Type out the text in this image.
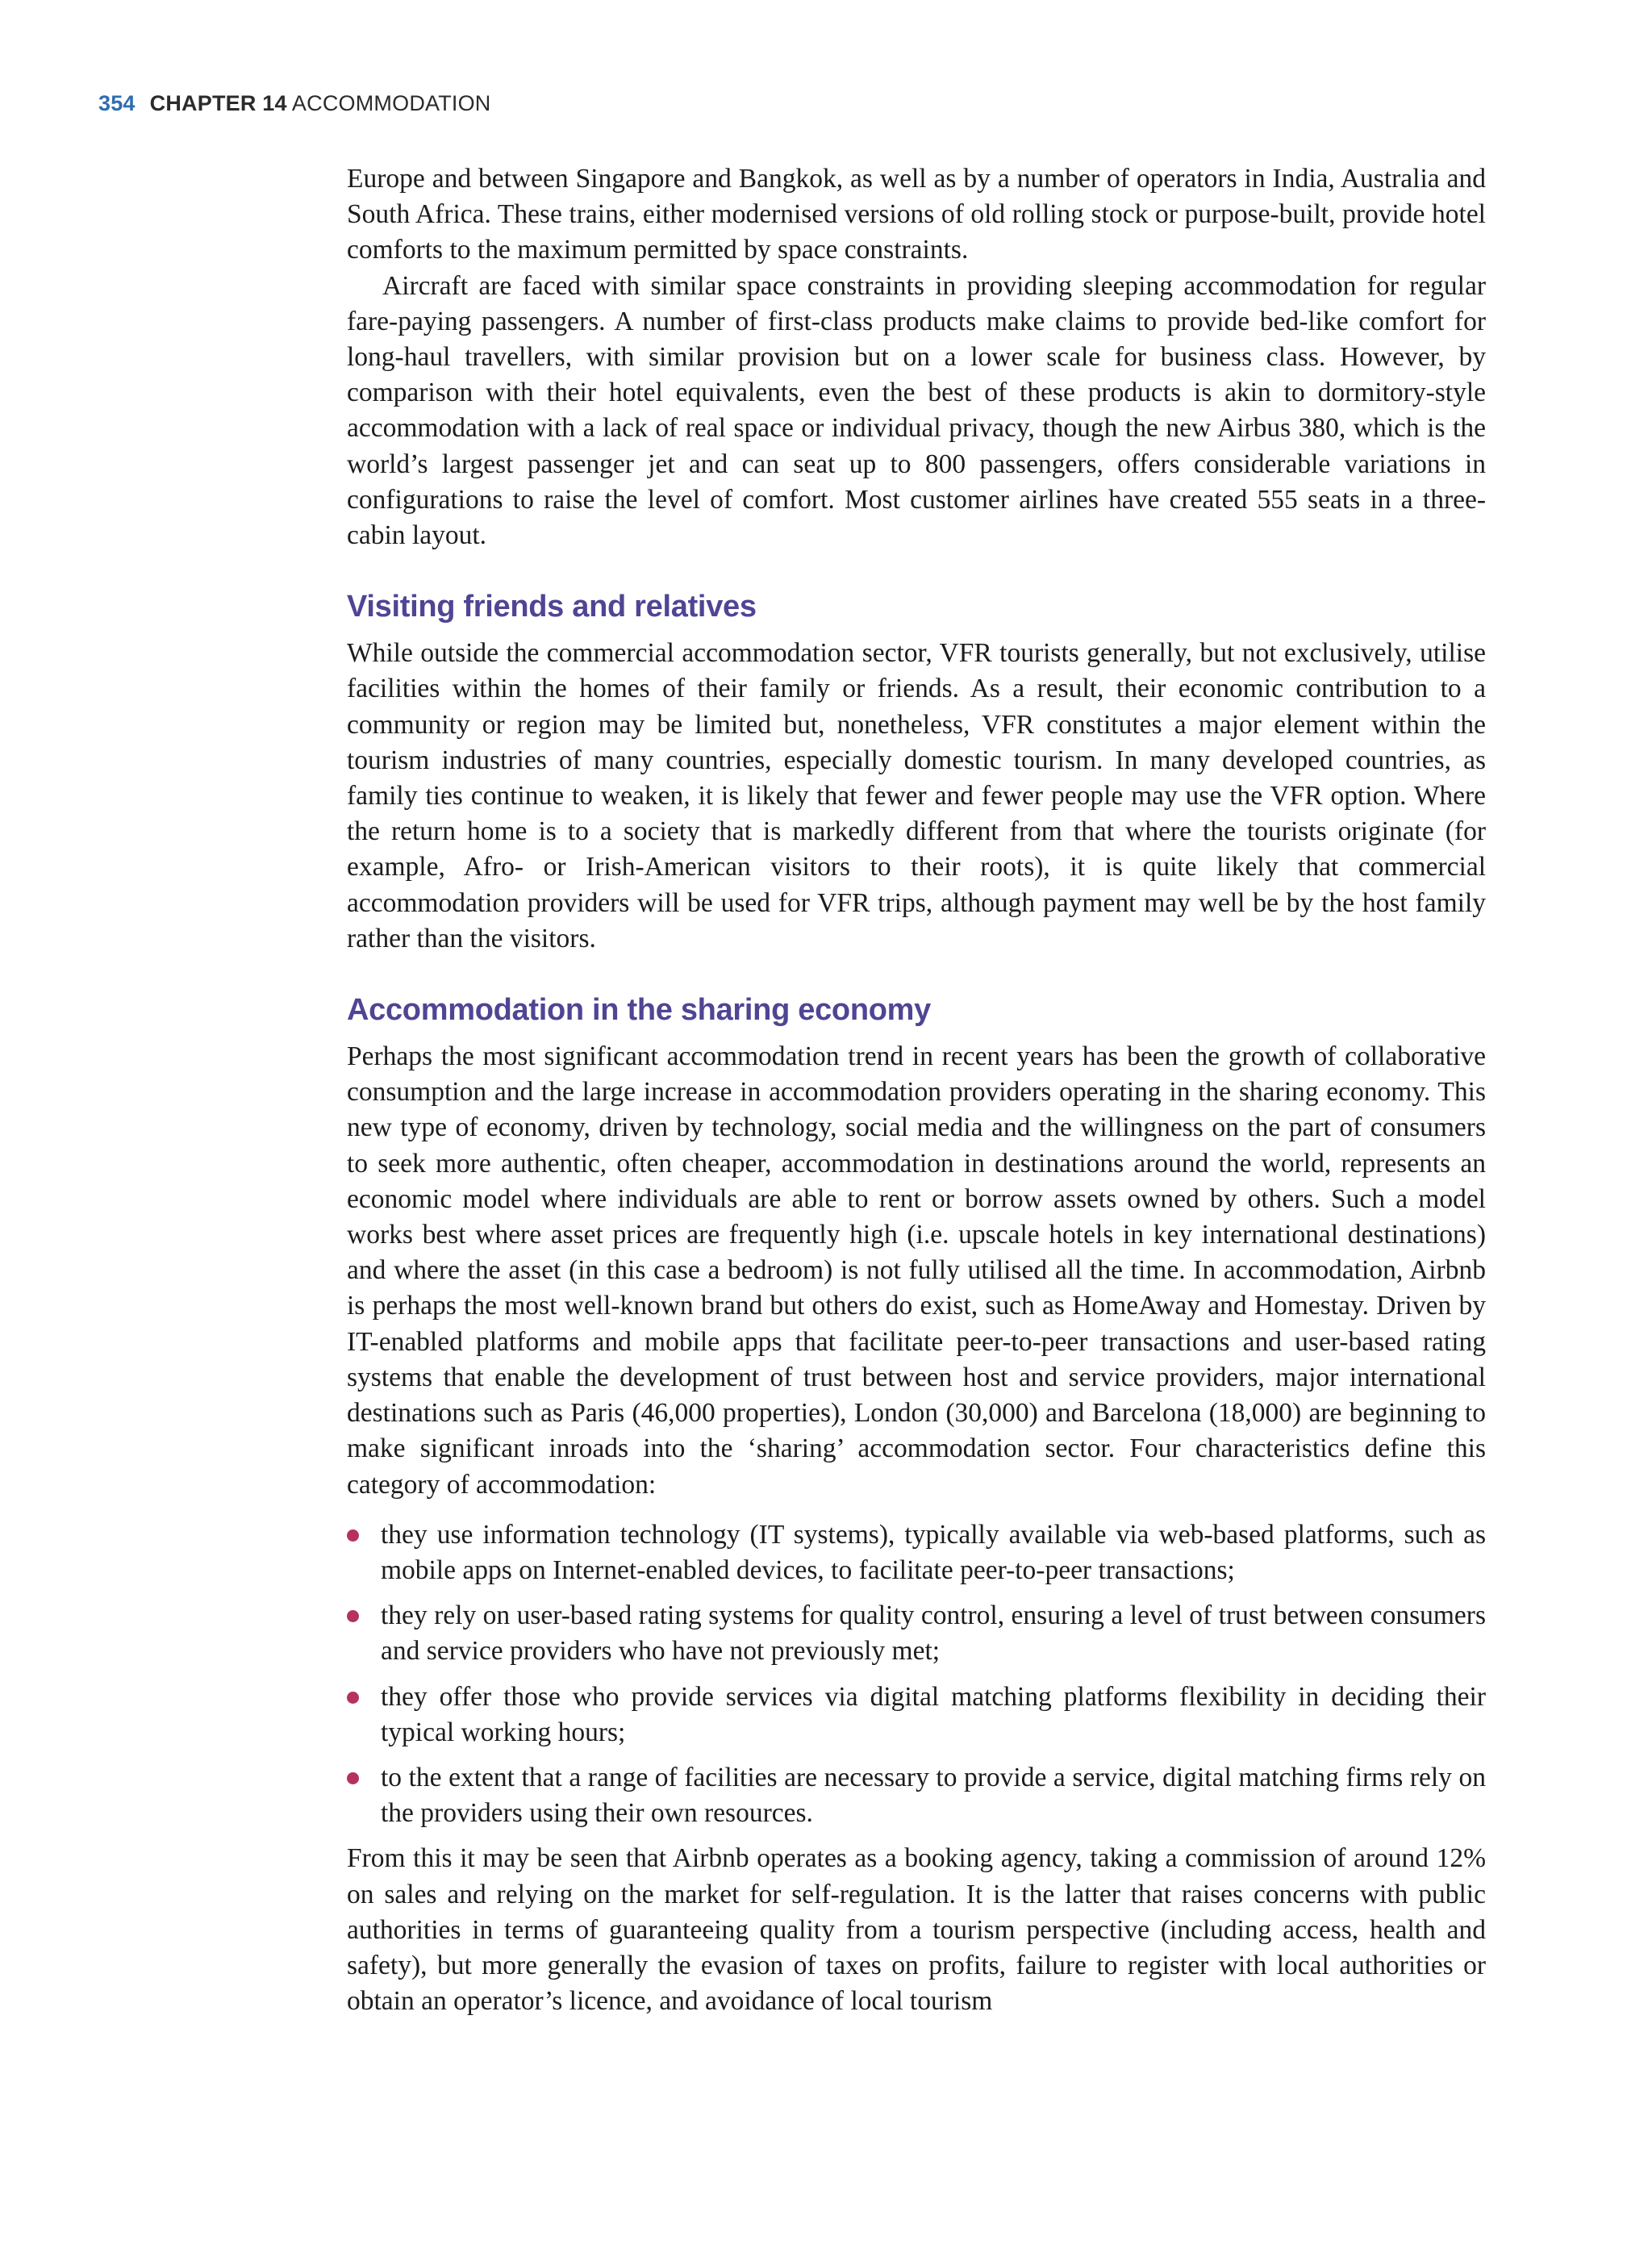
354 CHAPTER 14 ACCOMMODATION

Europe and between Singapore and Bangkok, as well as by a number of operators in India, Australia and South Africa. These trains, either modernised versions of old rolling stock or purpose-built, provide hotel comforts to the maximum permitted by space constraints.

Aircraft are faced with similar space constraints in providing sleeping accommodation for regular fare-paying passengers. A number of first-class products make claims to provide bed-like comfort for long-haul travellers, with similar provision but on a lower scale for business class. However, by comparison with their hotel equivalents, even the best of these products is akin to dormitory-style accommodation with a lack of real space or individual privacy, though the new Airbus 380, which is the world’s largest passenger jet and can seat up to 800 passengers, offers considerable variations in configurations to raise the level of comfort. Most customer airlines have created 555 seats in a three-cabin layout.

Visiting friends and relatives

While outside the commercial accommodation sector, VFR tourists generally, but not exclusively, utilise facilities within the homes of their family or friends. As a result, their economic contribution to a community or region may be limited but, nonetheless, VFR constitutes a major element within the tourism industries of many countries, especially domestic tourism. In many developed countries, as family ties continue to weaken, it is likely that fewer and fewer people may use the VFR option. Where the return home is to a society that is markedly different from that where the tourists originate (for example, Afro- or Irish-American visitors to their roots), it is quite likely that commercial accommodation providers will be used for VFR trips, although payment may well be by the host family rather than the visitors.

Accommodation in the sharing economy

Perhaps the most significant accommodation trend in recent years has been the growth of collaborative consumption and the large increase in accommodation providers operating in the sharing economy. This new type of economy, driven by technology, social media and the willingness on the part of consumers to seek more authentic, often cheaper, accommodation in destinations around the world, represents an economic model where individuals are able to rent or borrow assets owned by others. Such a model works best where asset prices are frequently high (i.e. upscale hotels in key international destinations) and where the asset (in this case a bedroom) is not fully utilised all the time. In accommodation, Airbnb is perhaps the most well-known brand but others do exist, such as HomeAway and Homestay. Driven by IT-enabled platforms and mobile apps that facilitate peer-to-peer transactions and user-based rating systems that enable the development of trust between host and service providers, major international destinations such as Paris (46,000 properties), London (30,000) and Barcelona (18,000) are beginning to make significant inroads into the ‘sharing’ accommodation sector. Four characteristics define this category of accommodation:

they use information technology (IT systems), typically available via web-based platforms, such as mobile apps on Internet-enabled devices, to facilitate peer-to-peer transactions;
they rely on user-based rating systems for quality control, ensuring a level of trust between consumers and service providers who have not previously met;
they offer those who provide services via digital matching platforms flexibility in deciding their typical working hours;
to the extent that a range of facilities are necessary to provide a service, digital matching firms rely on the providers using their own resources.

From this it may be seen that Airbnb operates as a booking agency, taking a commission of around 12% on sales and relying on the market for self-regulation. It is the latter that raises concerns with public authorities in terms of guaranteeing quality from a tourism perspective (including access, health and safety), but more generally the evasion of taxes on profits, failure to register with local authorities or obtain an operator’s licence, and avoidance of local tourism
